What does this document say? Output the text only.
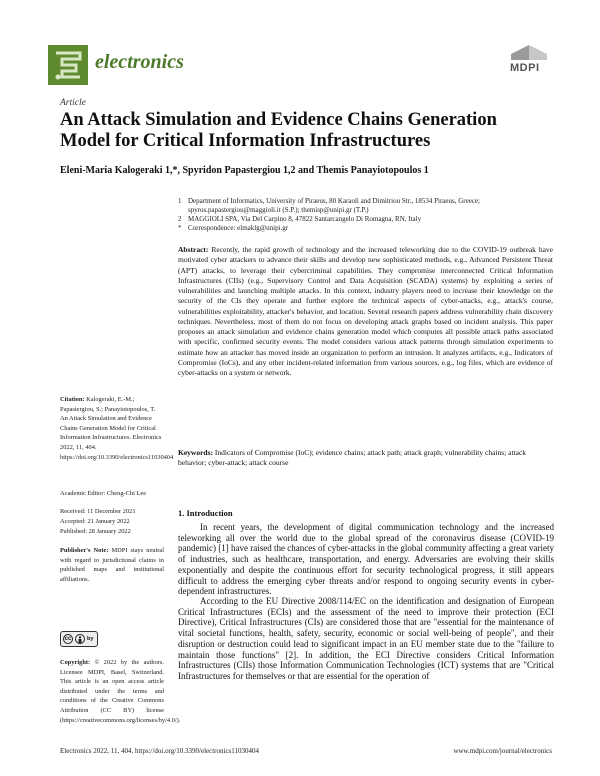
electronics	MDPI
Article
An Attack Simulation and Evidence Chains Generation Model for Critical Information Infrastructures
Eleni-Maria Kalogeraki 1,*, Spyridon Papastergiou 1,2 and Themis Panayiotopoulos 1
1 Department of Informatics, University of Piraeus, 80 Karaoli and Dimitriou Str., 18534 Piraeus, Greece;
spyros.papastergiou@maggioli.it (S.P.); themisp@unipi.gr (T.P.)
2 MAGGIOLI SPA, Via Del Carpino 8, 47822 Santarcangelo Di Romagna, RN, Italy
* Correspondence: elmaklg@unipi.gr
Abstract: Recently, the rapid growth of technology and the increased teleworking due to the COVID-19 outbreak have motivated cyber attackers to advance their skills and develop new sophisticated methods, e.g., Advanced Persistent Threat (APT) attacks, to leverage their cybercriminal capabilities. They compromise interconnected Critical Information Infrastructures (CIIs) (e.g., Supervisory Control and Data Acquisition (SCADA) systems) by exploiting a series of vulnerabilities and launching multiple attacks. In this context, industry players need to increase their knowledge on the security of the CIs they operate and further explore the technical aspects of cyber-attacks, e.g., attack's course, vulnerabilities exploitability, attacker's behavior, and location. Several research papers address vulnerability chain discovery techniques. Nevertheless, most of them do not focus on developing attack graphs based on incident analysis. This paper proposes an attack simulation and evidence chains generation model which computes all possible attack paths associated with specific, confirmed security events. The model considers various attack patterns through simulation experiments to estimate how an attacker has moved inside an organization to perform an intrusion. It analyzes artifacts, e.g., Indicators of Compromise (IoCs), and any other incident-related information from various sources, e.g., log files, which are evidence of cyber-attacks on a system or network.
Keywords: Indicators of Compromise (IoC); evidence chains; attack path; attack graph; vulnerability chains; attack behavior; cyber-attack; attack course
Citation: Kalogeraki, E.-M.; Papastergiou, S.; Panayiotopoulos, T. An Attack Simulation and Evidence Chains Generation Model for Critical Information Infrastructures. Electronics 2022, 11, 404. https://doi.org/10.3390/electronics11030404
Academic Editor: Cheng-Chi Lee
Received: 11 December 2021
Accepted: 21 January 2022
Published: 28 January 2022
Publisher's Note: MDPI stays neutral with regard to jurisdictional claims in published maps and institutional affiliations.
cc	by
Copyright: © 2022 by the authors. Licensee MDPI, Basel, Switzerland. This article is an open access article distributed under the terms and conditions of the Creative Commons Attribution (CC BY) license (https://creativecommons.org/licenses/by/4.0/).
1. Introduction
In recent years, the development of digital communication technology and the increased teleworking all over the world due to the global spread of the coronavirus disease (COVID-19 pandemic) [1] have raised the chances of cyber-attacks in the global community affecting a great variety of industries, such as healthcare, transportation, and energy. Adversaries are evolving their skills exponentially and despite the continuous effort for security technological progress, it still appears difficult to address the emerging cyber threats and/or respond to ongoing security events in cyber-dependent infrastructures.
According to the EU Directive 2008/114/EC on the identification and designation of European Critical Infrastructures (ECIs) and the assessment of the need to improve their protection (ECI Directive), Critical Infrastructures (CIs) are considered those that are "essential for the maintenance of vital societal functions, health, safety, security, economic or social well-being of people", and their disruption or destruction could lead to significant impact in an EU member state due to the "failure to maintain those functions" [2]. In addition, the ECI Directive considers Critical Information Infrastructures (CIIs) those Information Communication Technologies (ICT) systems that are "Critical Infrastructures for themselves or that are essential for the operation of
Electronics 2022, 11, 404. https://doi.org/10.3390/electronics11030404	www.mdpi.com/journal/electronics
